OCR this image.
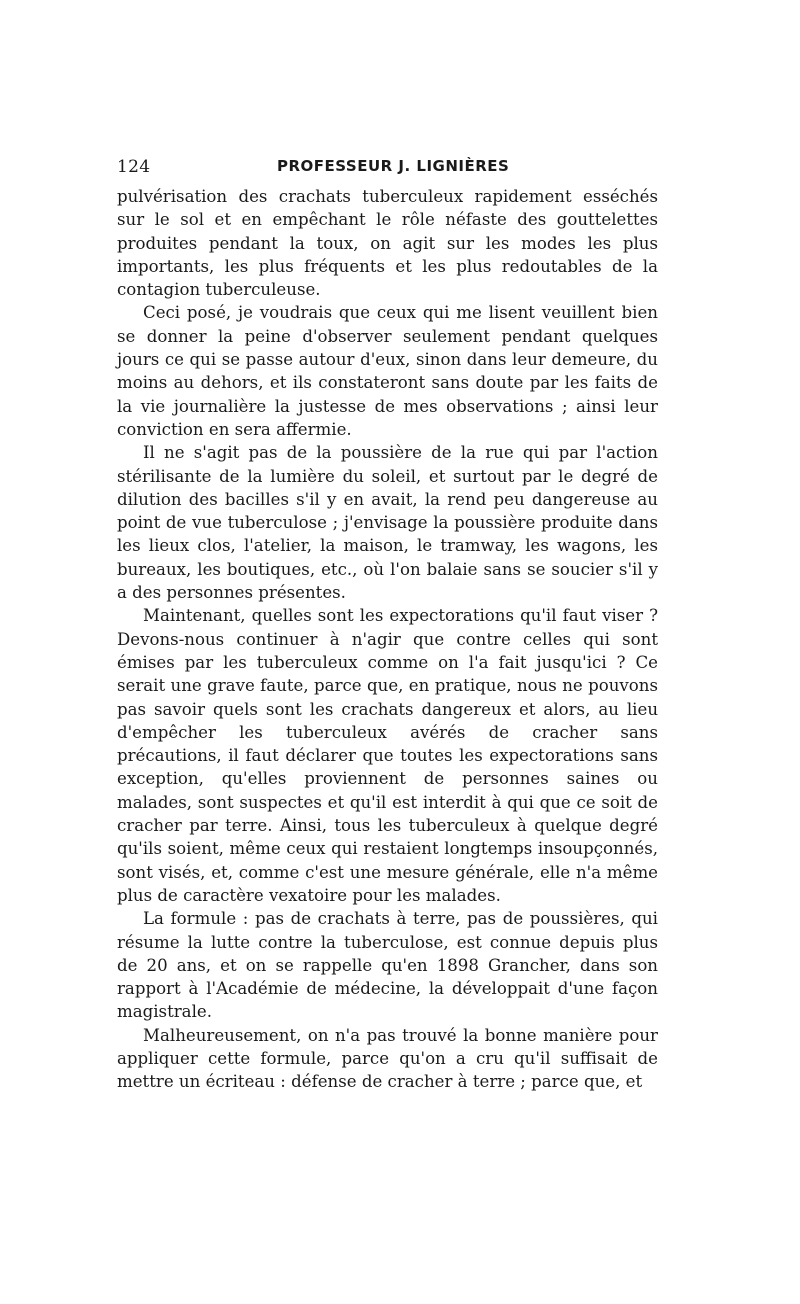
124	PROFESSEUR J. LIGNIÈRES

pulvérisation des crachats tuberculeux rapidement esséchés sur le sol et en empêchant le rôle néfaste des gouttelettes produites pendant la toux, on agit sur les modes les plus importants, les plus fréquents et les plus redoutables de la contagion tuberculeuse.

Ceci posé, je voudrais que ceux qui me lisent veuillent bien se donner la peine d'observer seulement pendant quelques jours ce qui se passe autour d'eux, sinon dans leur demeure, du moins au dehors, et ils constateront sans doute par les faits de la vie journalière la justesse de mes observations ; ainsi leur conviction en sera affermie.

Il ne s'agit pas de la poussière de la rue qui par l'action stérilisante de la lumière du soleil, et surtout par le degré de dilution des bacilles s'il y en avait, la rend peu dangereuse au point de vue tuberculose ; j'envisage la poussière produite dans les lieux clos, l'atelier, la maison, le tramway, les wagons, les bureaux, les boutiques, etc., où l'on balaie sans se soucier s'il y a des personnes présentes.

Maintenant, quelles sont les expectorations qu'il faut viser ? Devons-nous continuer à n'agir que contre celles qui sont émises par les tuberculeux comme on l'a fait jusqu'ici ? Ce serait une grave faute, parce que, en pratique, nous ne pouvons pas savoir quels sont les crachats dangereux et alors, au lieu d'empêcher les tuberculeux avérés de cracher sans précautions, il faut déclarer que toutes les expectorations sans exception, qu'elles proviennent de personnes saines ou malades, sont suspectes et qu'il est interdit à qui que ce soit de cracher par terre. Ainsi, tous les tuberculeux à quelque degré qu'ils soient, même ceux qui restaient longtemps insoupçonnés, sont visés, et, comme c'est une mesure générale, elle n'a même plus de caractère vexatoire pour les malades.

La formule : pas de crachats à terre, pas de poussières, qui résume la lutte contre la tuberculose, est connue depuis plus de 20 ans, et on se rappelle qu'en 1898 Grancher, dans son rapport à l'Académie de médecine, la développait d'une façon magistrale.

Malheureusement, on n'a pas trouvé la bonne manière pour appliquer cette formule, parce qu'on a cru qu'il suffisait de mettre un écriteau : défense de cracher à terre ; parce que, et
